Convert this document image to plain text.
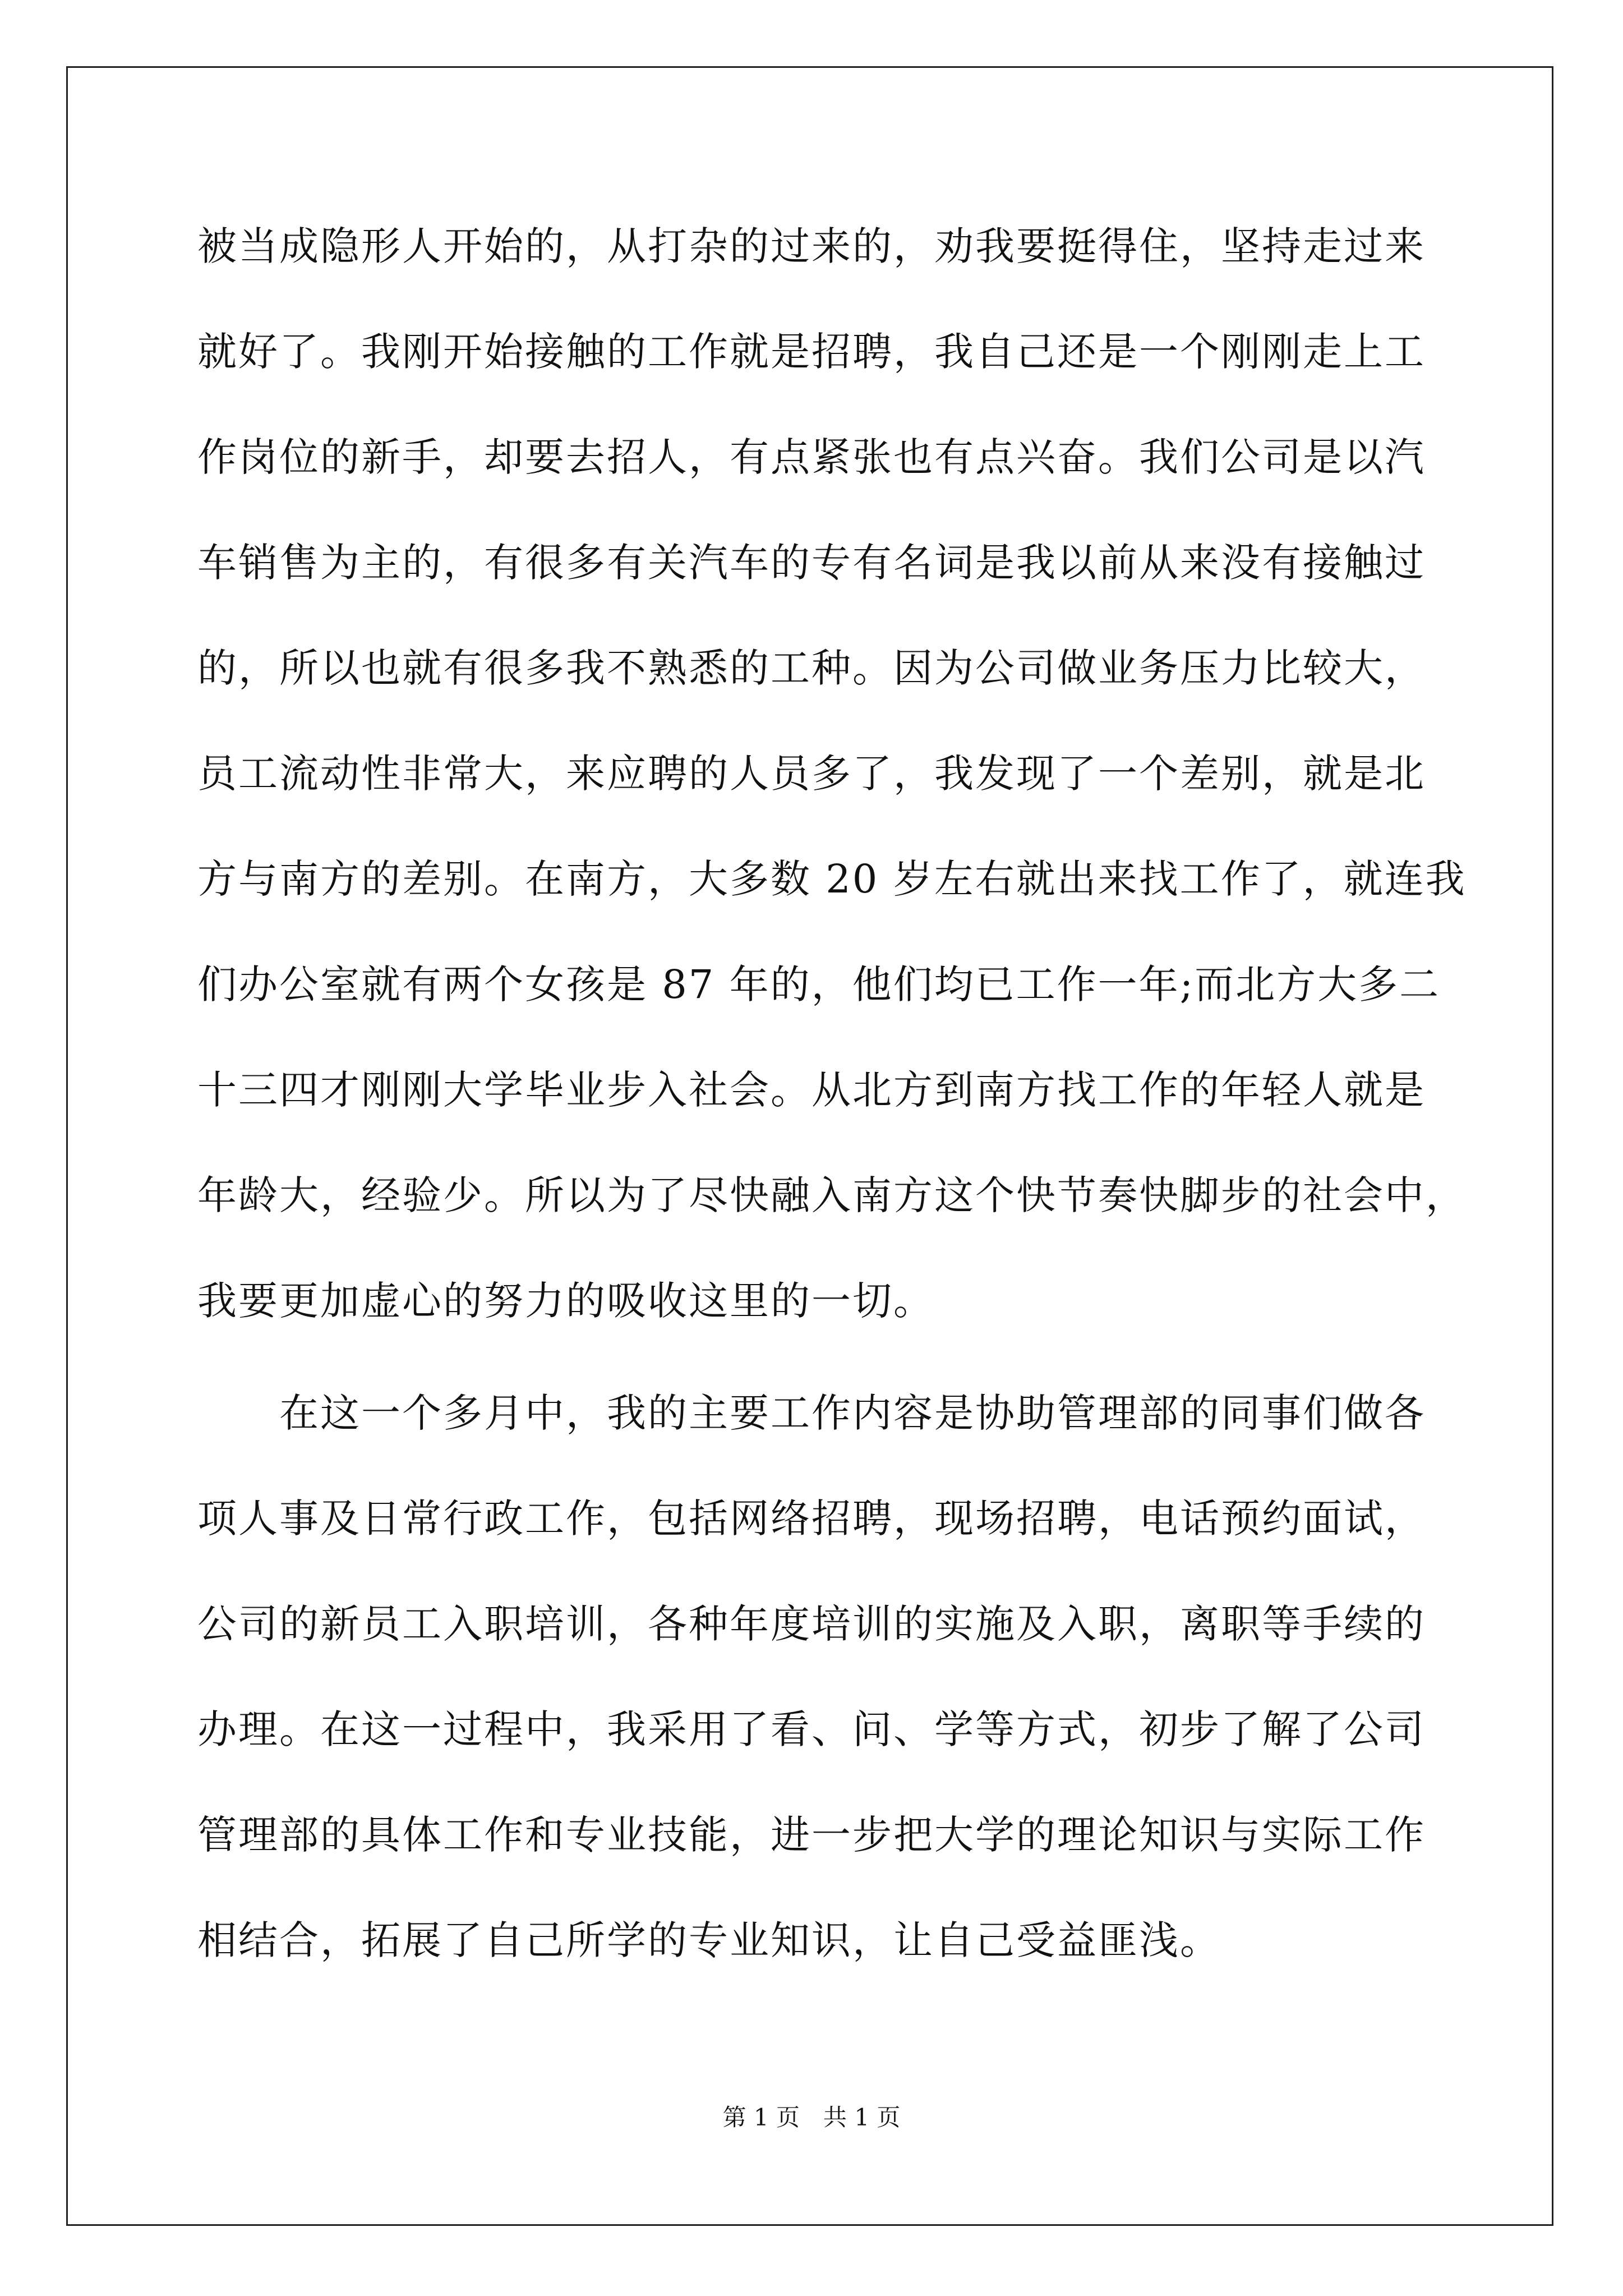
被当成隐形人开始的，从打杂的过来的，劝我要挺得住，坚持走过来
就好了。我刚开始接触的工作就是招聘，我自己还是一个刚刚走上工
作岗位的新手，却要去招人，有点紧张也有点兴奋。我们公司是以汽
车销售为主的，有很多有关汽车的专有名词是我以前从来没有接触过
的，所以也就有很多我不熟悉的工种。因为公司做业务压力比较大，
员工流动性非常大，来应聘的人员多了，我发现了一个差别，就是北
方与南方的差别。在南方，大多数 20 岁左右就出来找工作了，就连我
们办公室就有两个女孩是 87 年的，他们均已工作一年;而北方大多二
十三四才刚刚大学毕业步入社会。从北方到南方找工作的年轻人就是
年龄大，经验少。所以为了尽快融入南方这个快节奏快脚步的社会中，
我要更加虚心的努力的吸收这里的一切。
　　在这一个多月中，我的主要工作内容是协助管理部的同事们做各
项人事及日常行政工作，包括网络招聘，现场招聘，电话预约面试，
公司的新员工入职培训，各种年度培训的实施及入职，离职等手续的
办理。在这一过程中，我采用了看、问、学等方式，初步了解了公司
管理部的具体工作和专业技能，进一步把大学的理论知识与实际工作
相结合，拓展了自己所学的专业知识，让自己受益匪浅。
第 1 页　共 1 页
